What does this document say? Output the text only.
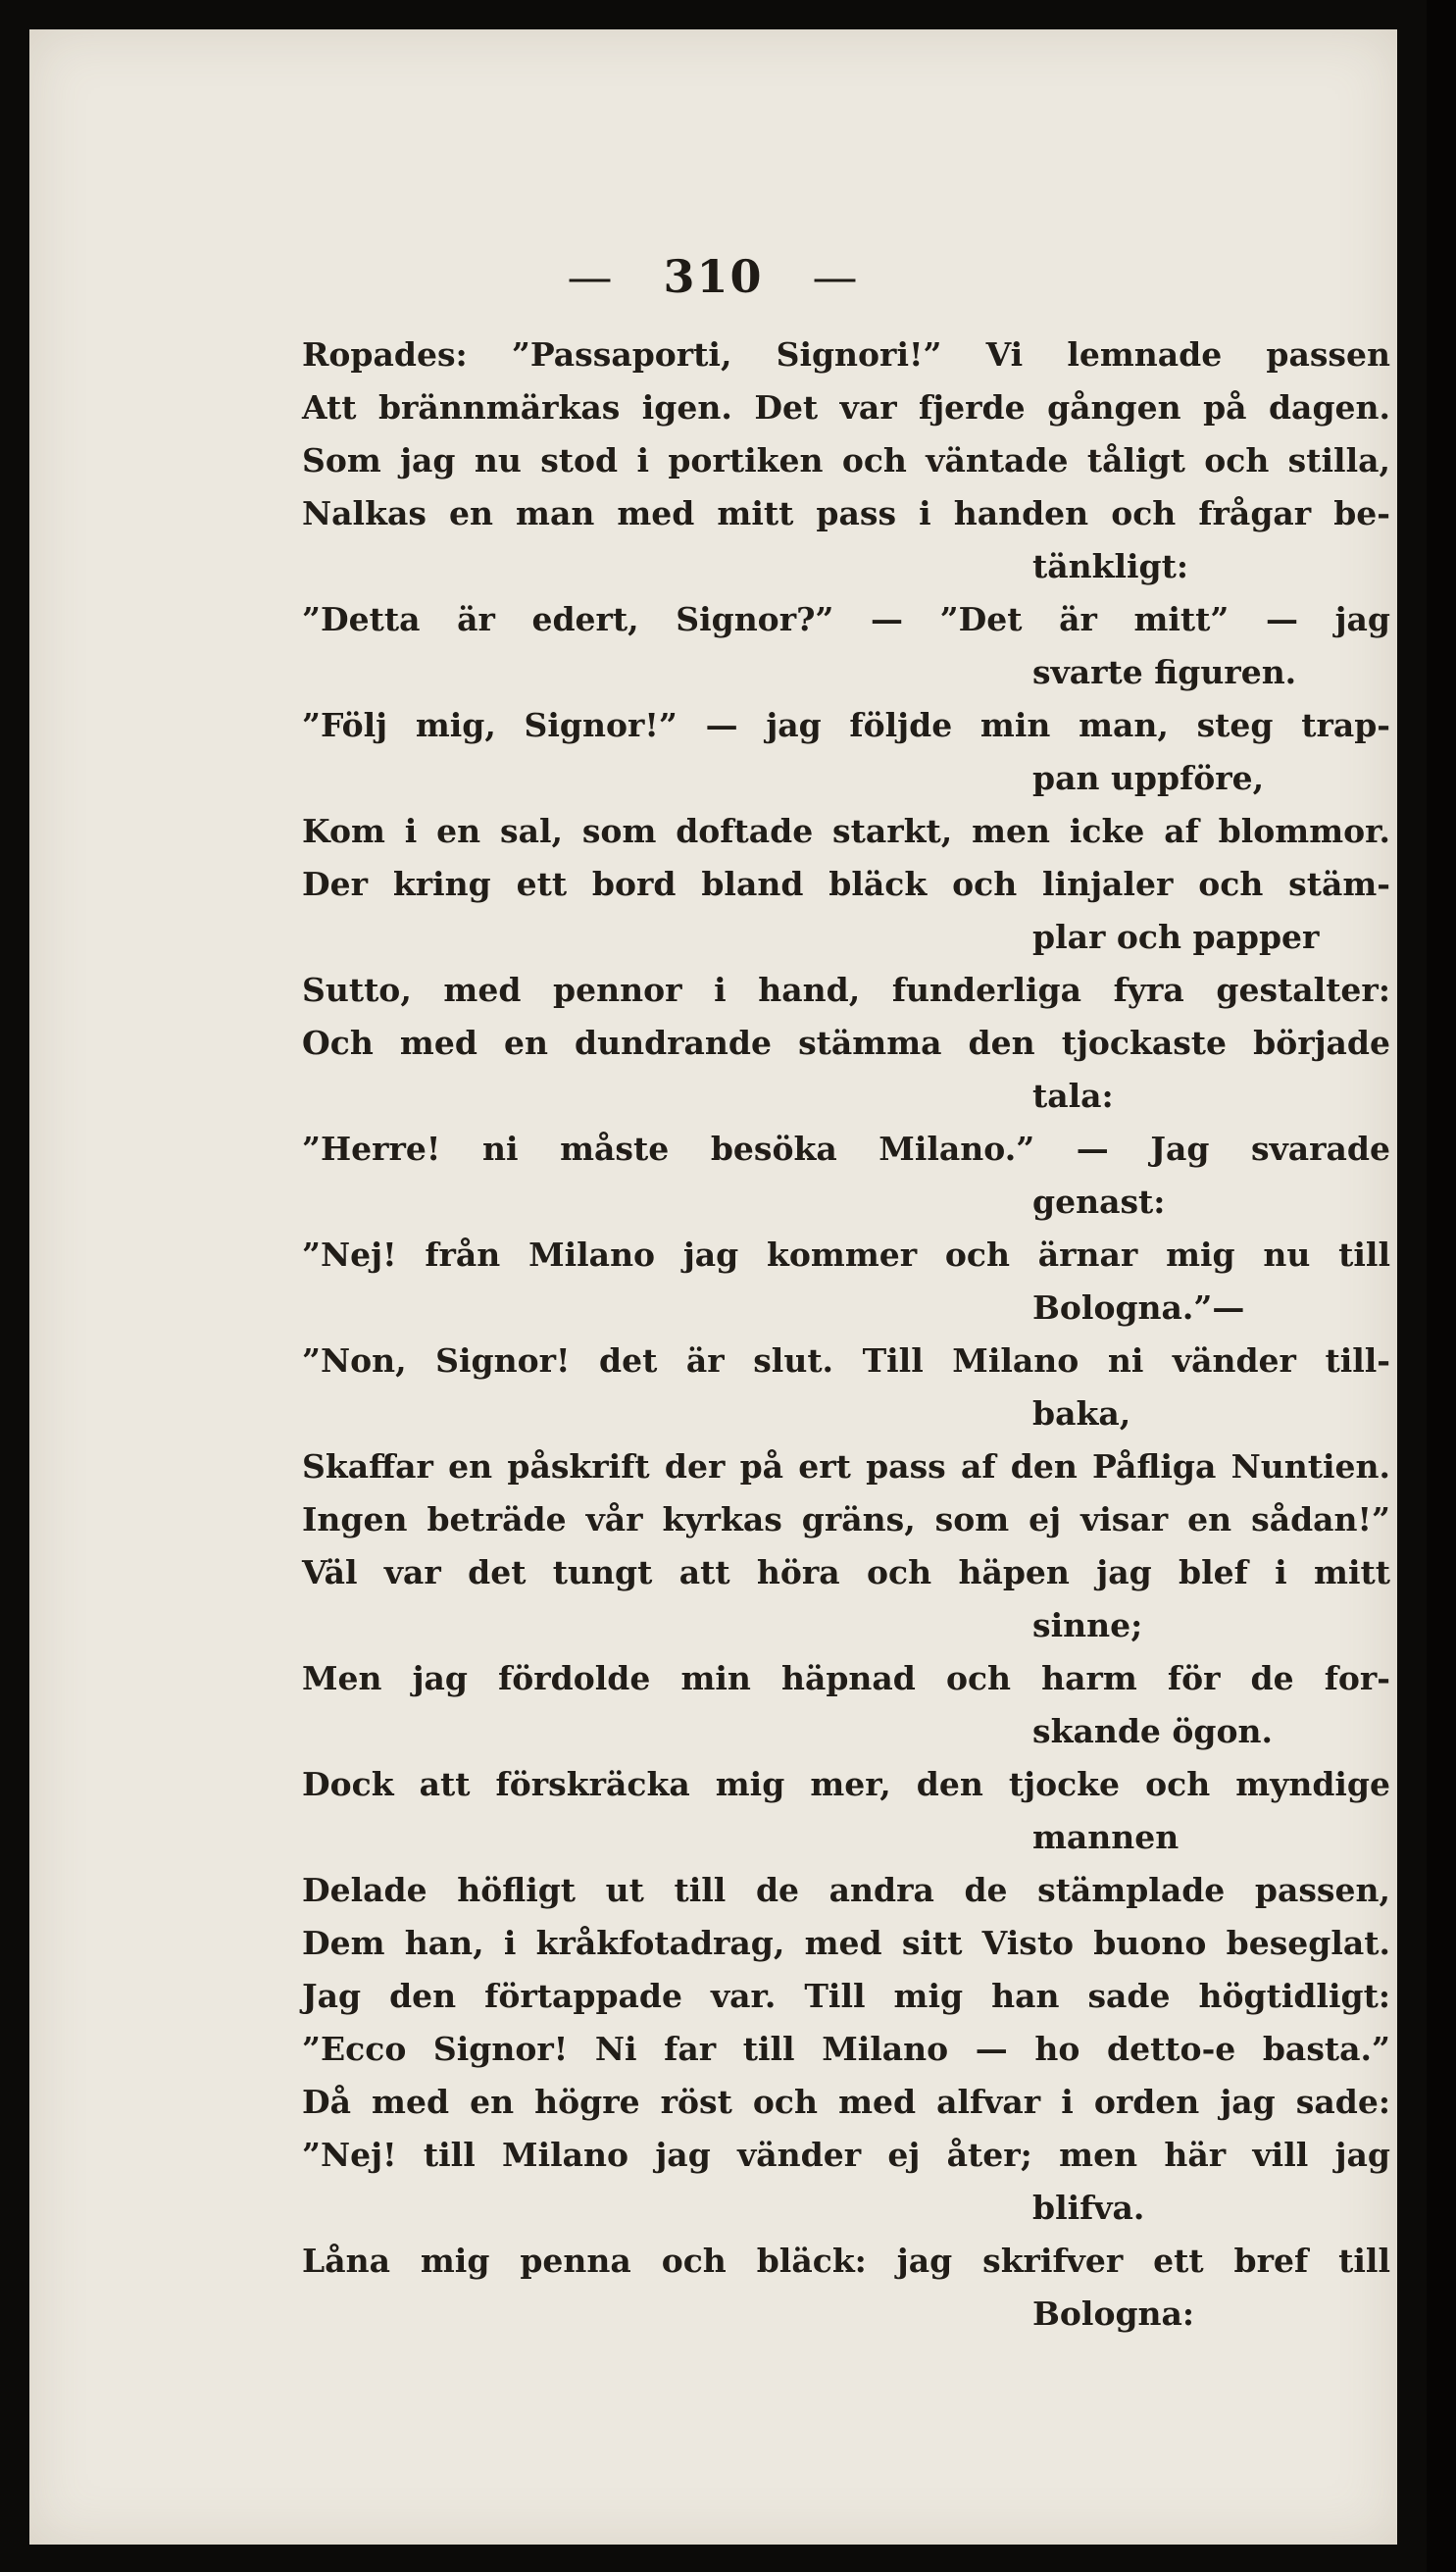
— 310 —
Ropades: ”Passaporti, Signori!” Vi lemnade passen
Att brännmärkas igen. Det var fjerde gången på dagen.
Som jag nu stod i portiken och väntade tåligt och stilla,
Nalkas en man med mitt pass i handen och frågar be-
tänkligt:
”Detta är edert, Signor?” — ”Det är mitt” — jag
svarte figuren.
”Följ mig, Signor!” — jag följde min man, steg trap-
pan uppföre,
Kom i en sal, som doftade starkt, men icke af blommor.
Der kring ett bord bland bläck och linjaler och stäm-
plar och papper
Sutto, med pennor i hand, funderliga fyra gestalter:
Och med en dundrande stämma den tjockaste började
tala:
”Herre! ni måste besöka Milano.” — Jag svarade
genast:
”Nej! från Milano jag kommer och ärnar mig nu till
Bologna.”—
”Non, Signor! det är slut. Till Milano ni vänder till-
baka,
Skaffar en påskrift der på ert pass af den Påfliga Nuntien.
Ingen beträde vår kyrkas gräns, som ej visar en sådan!”
Väl var det tungt att höra och häpen jag blef i mitt
sinne;
Men jag fördolde min häpnad och harm för de for-
skande ögon.
Dock att förskräcka mig mer, den tjocke och myndige
mannen
Delade höfligt ut till de andra de stämplade passen,
Dem han, i kråkfotadrag, med sitt Visto buono beseglat.
Jag den förtappade var. Till mig han sade högtidligt:
”Ecco Signor! Ni far till Milano — ho detto-e basta.”
Då med en högre röst och med alfvar i orden jag sade:
”Nej! till Milano jag vänder ej åter; men här vill jag
blifva.
Låna mig penna och bläck: jag skrifver ett bref till
Bologna:
